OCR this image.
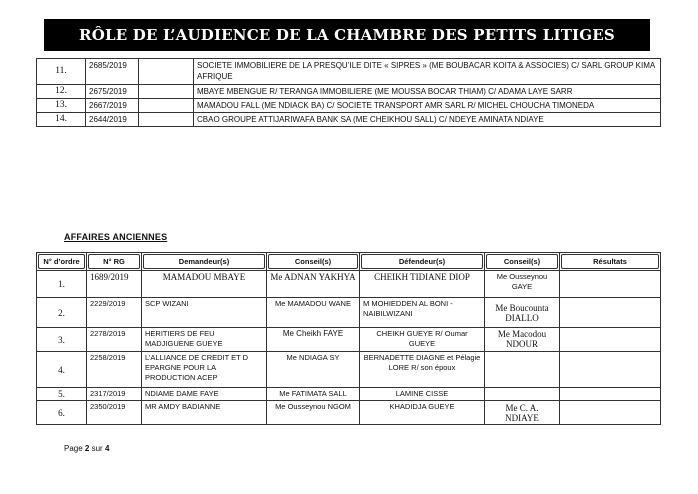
RÔLE DE L’AUDIENCE DE LA CHAMBRE DES PETITS LITIGES
11.	2685/2019		SOCIETE IMMOBILIERE DE LA PRESQU’ILE DITE « SIPRES » (ME BOUBACAR KOITA & ASSOCIES) C/ SARL GROUP KIMA AFRIQUE
12.	2675/2019		MBAYE MBENGUE R/ TERANGA IMMOBILIERE (ME MOUSSA BOCAR THIAM) C/ ADAMA LAYE SARR
13.	2667/2019		MAMADOU FALL (ME NDIACK BA) C/ SOCIETE TRANSPORT AMR SARL R/ MICHEL CHOUCHA TIMONEDA
14.	2644/2019		CBAO GROUPE ATTIJARIWAFA BANK SA (ME CHEIKHOU SALL) C/ NDEYE AMINATA NDIAYE
AFFAIRES ANCIENNES
N° d’ordre	N° RG	Demandeur(s)	Conseil(s)	Défendeur(s)	Conseil(s)	Résultats

1.	1689/2019	MAMADOU MBAYE	Me ADNAN YAKHYA	CHEIKH TIDIANE DIOP	Me Ousseynou GAYE	
2.	2229/2019	SCP WIZANI	Me MAMADOU WANE	M MOHIEDDEN AL BONI - NAIBILWIZANI	Me Boucounta DIALLO	
3.	2278/2019	HERITIERS DE FEU MADJIGUENE GUEYE	Me Cheikh FAYE	CHEIKH GUEYE R/ Oumar GUEYE	Me Macodou NDOUR	
4.	2258/2019	L’ALLIANCE DE CREDIT ET D EPARGNE POUR LA PRODUCTION ACEP	Me NDIAGA SY	BERNADETTE DIAGNE et Pélagie LORE R/ son époux		
5.	2317/2019	NDIAME DAME FAYE	Me FATIMATA SALL	LAMINE CISSE		
6.	2350/2019	MR AMDY BADIANNE	Me Ousseynou NGOM	KHADIDJA GUEYE	Me C. A. NDIAYE	
Page 2 sur 4
